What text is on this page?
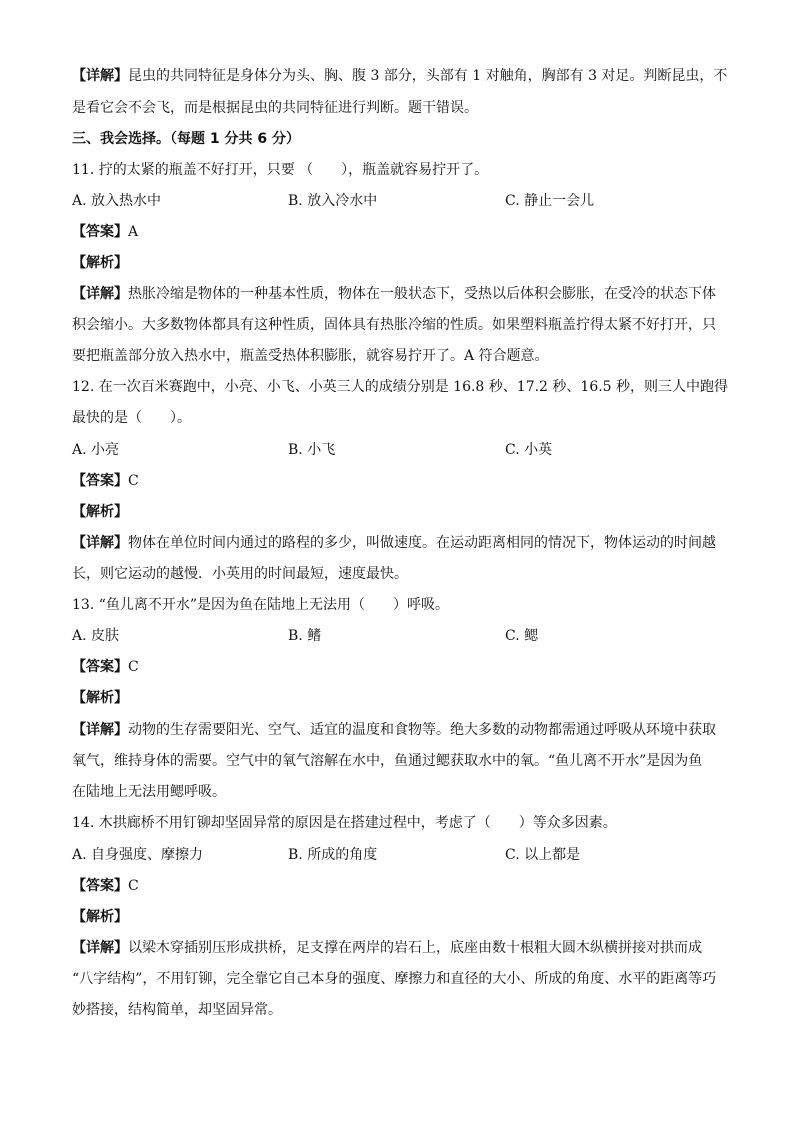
【详解】昆虫的共同特征是身体分为头、胸、腹 3 部分，头部有 1 对触角，胸部有 3 对足。判断昆虫，不
是看它会不会飞，而是根据昆虫的共同特征进行判断。题干错误。
三、我会选择。（每题 1 分共 6 分）
11. 拧的太紧的瓶盖不好打开，只要 （　　），瓶盖就容易拧开了。
A. 放入热水中	B. 放入冷水中	C. 静止一会儿
【答案】A
【解析】
【详解】热胀冷缩是物体的一种基本性质，物体在一般状态下，受热以后体积会膨胀，在受冷的状态下体
积会缩小。大多数物体都具有这种性质，固体具有热胀冷缩的性质。如果塑料瓶盖拧得太紧不好打开，只
要把瓶盖部分放入热水中，瓶盖受热体积膨胀，就容易拧开了。A 符合题意。
12. 在一次百米赛跑中，小亮、小飞、小英三人的成绩分别是 16.8 秒、17.2 秒、16.5 秒，则三人中跑得
最快的是（　　）。
A. 小亮	B. 小飞	C. 小英
【答案】C
【解析】
【详解】物体在单位时间内通过的路程的多少，叫做速度。在运动距离相同的情况下，物体运动的时间越
长，则它运动的越慢．小英用的时间最短，速度最快。
13. “鱼儿离不开水”是因为鱼在陆地上无法用（　　）呼吸。
A. 皮肤	B. 鳍	C. 鳃
【答案】C
【解析】
【详解】动物的生存需要阳光、空气、适宜的温度和食物等。绝大多数的动物都需通过呼吸从环境中获取
氧气，维持身体的需要。空气中的氧气溶解在水中，鱼通过鳃获取水中的氧。“鱼儿离不开水”是因为鱼
在陆地上无法用鳃呼吸。
14. 木拱廊桥不用钉铆却坚固异常的原因是在搭建过程中，考虑了（　　）等众多因素。
A. 自身强度、摩擦力	B. 所成的角度	C. 以上都是
【答案】C
【解析】
【详解】以梁木穿插别压形成拱桥，足支撑在两岸的岩石上，底座由数十根粗大圆木纵横拼接对拱而成
“八字结构”，不用钉铆，完全靠它自己本身的强度、摩擦力和直径的大小、所成的角度、水平的距离等巧
妙搭接，结构简单，却坚固异常。
